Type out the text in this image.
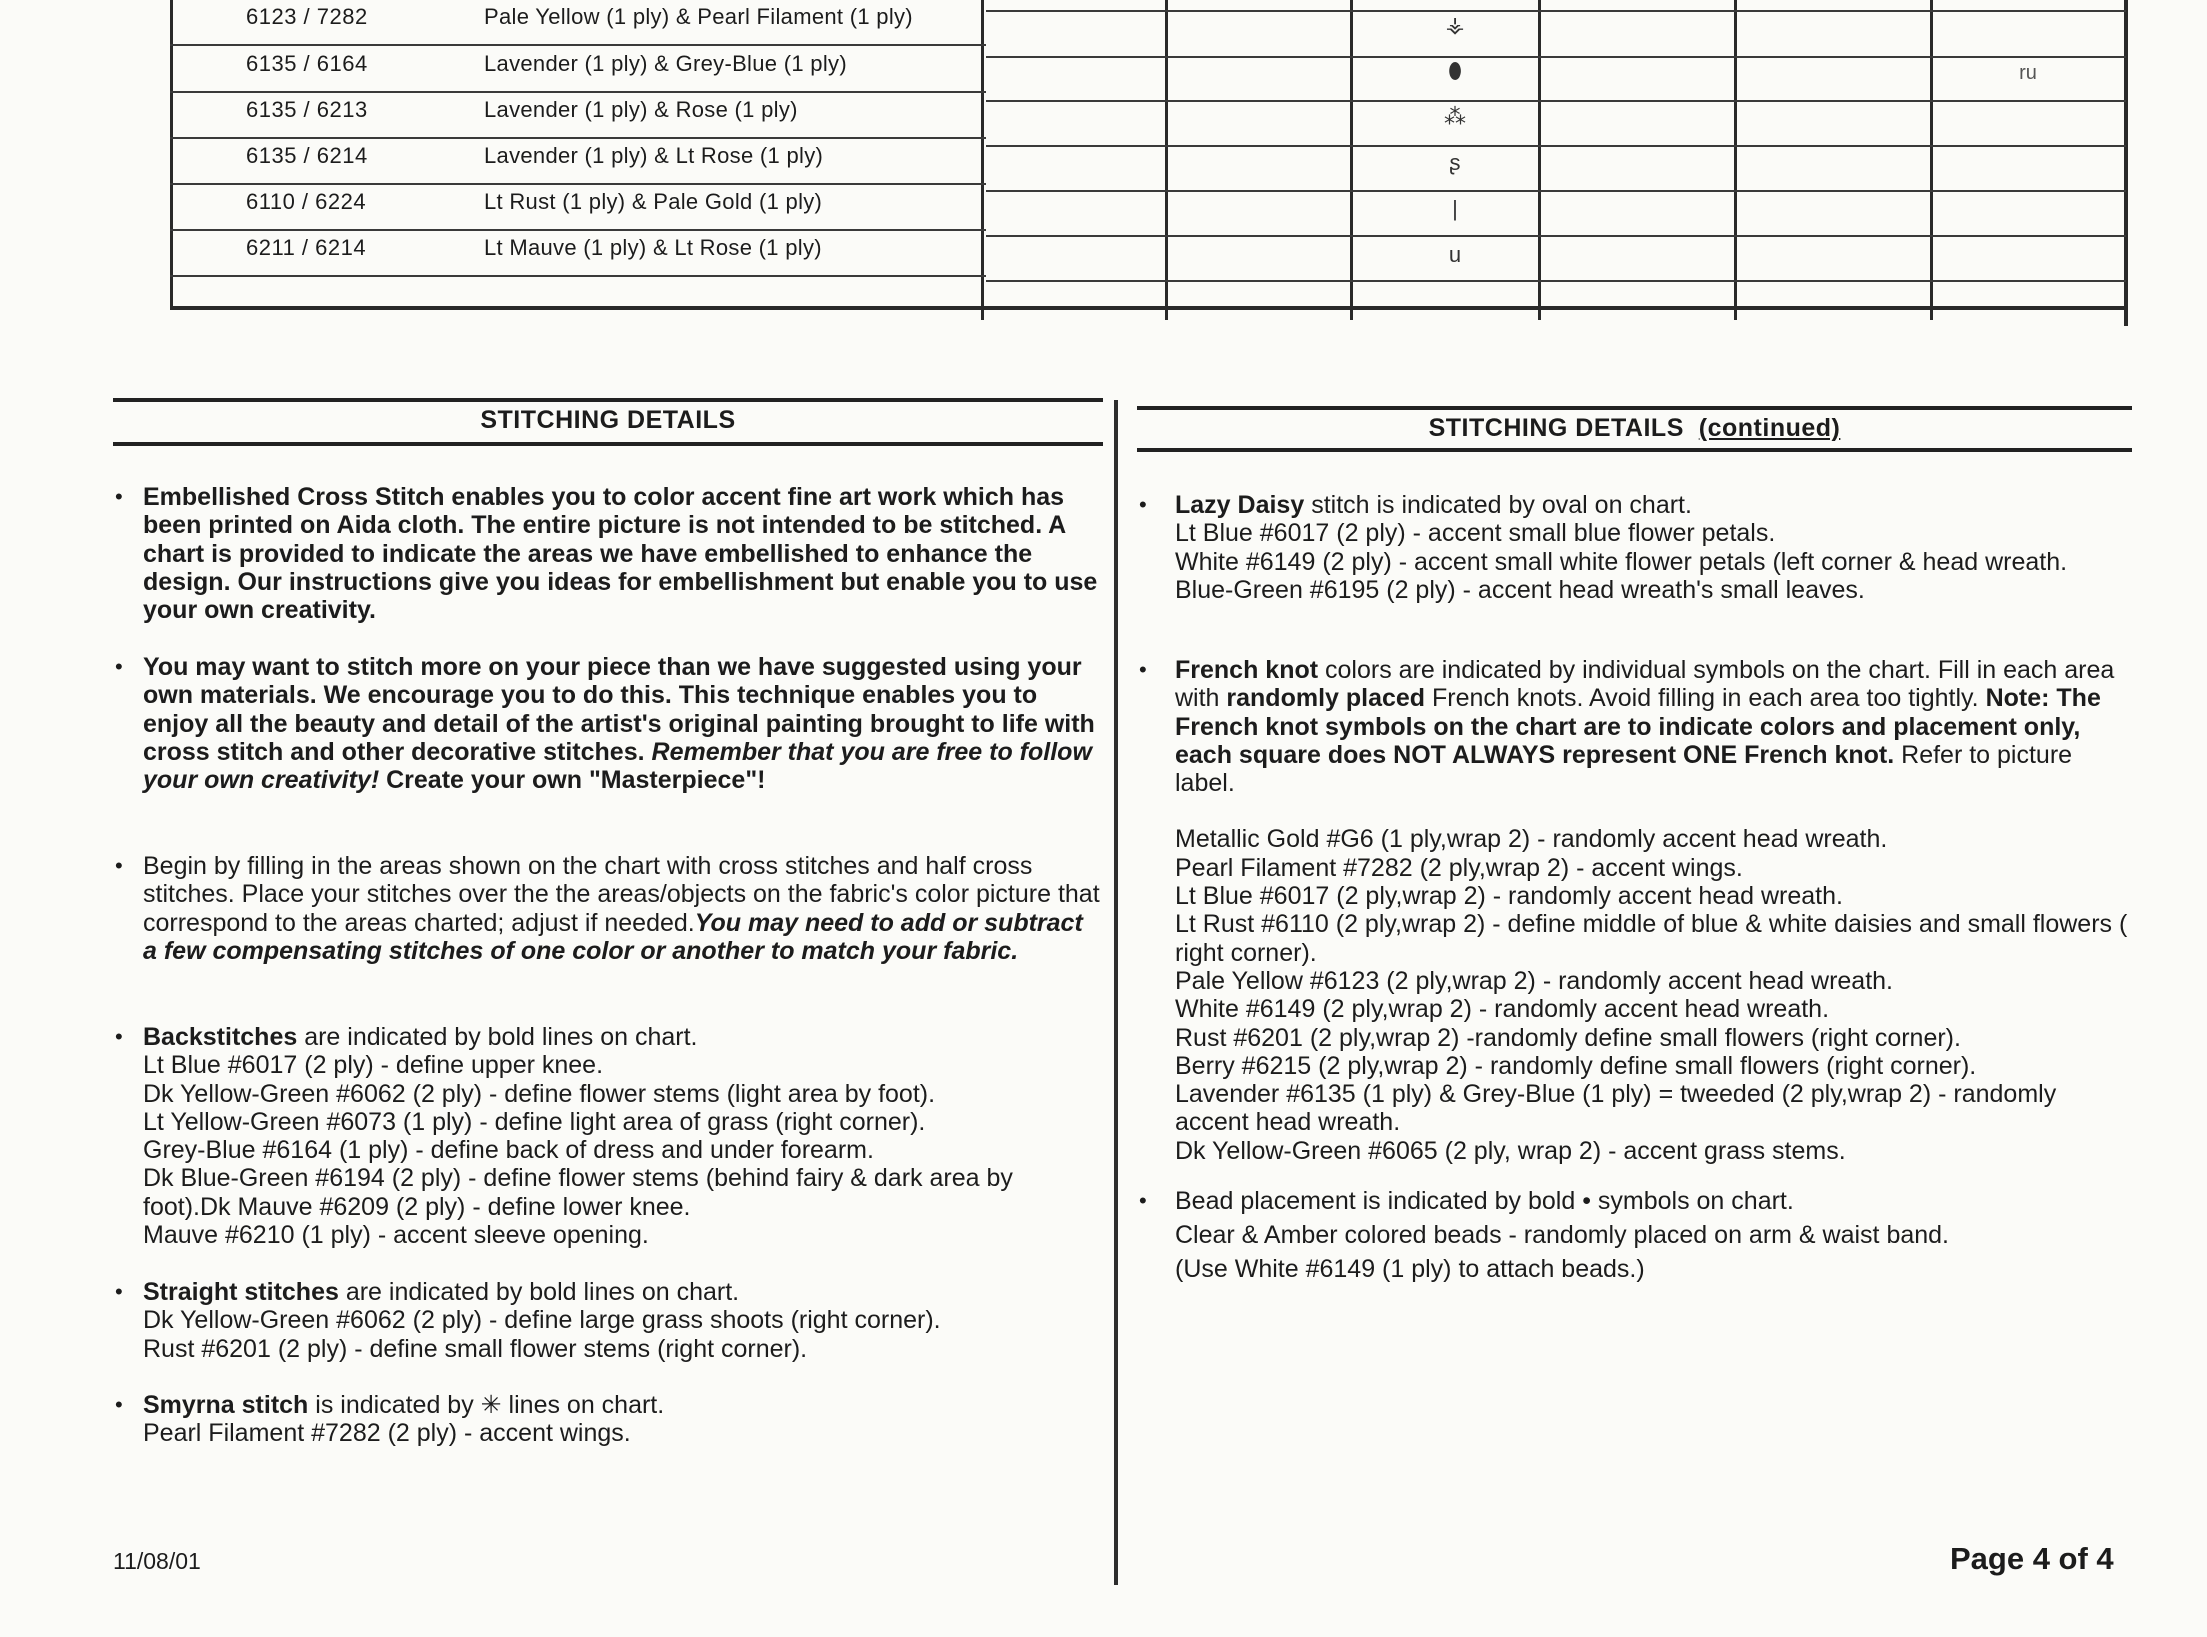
6123 / 7282	Pale Yellow (1 ply) & Pearl Filament (1 ply)
6135 / 6164	Lavender (1 ply) & Grey-Blue (1 ply)
6135 / 6213	Lavender (1 ply) & Rose (1 ply)
6135 / 6214	Lavender (1 ply) & Lt Rose (1 ply)
6110 / 6224	Lt Rust (1 ply) & Pale Gold (1 ply)
6211 / 6214	Lt Mauve (1 ply) & Lt Rose (1 ply)
⚶
⬮
⁂
ʂ
|
u
ru
STITCHING DETAILS
• Embellished Cross Stitch enables you to color accent fine art work which has been printed on Aida cloth. The entire picture is not intended to be stitched. A chart is provided to indicate the areas we have embellished to enhance the design. Our instructions give you ideas for embellishment but enable you to use your own creativity.
• You may want to stitch more on your piece than we have suggested using your own materials. We encourage you to do this. This technique enables you to enjoy all the beauty and detail of the artist's original painting brought to life with cross stitch and other decorative stitches. Remember that you are free to follow your own creativity! Create your own "Masterpiece"!
• Begin by filling in the areas shown on the chart with cross stitches and half cross stitches. Place your stitches over the the areas/objects on the fabric's color picture that correspond to the areas charted; adjust if needed.You may need to add or subtract a few compensating stitches of one color or another to match your fabric.
• Backstitches are indicated by bold lines on chart.

Lt Blue #6017 (2 ply) - define upper knee.

Dk Yellow-Green #6062 (2 ply) - define flower stems (light area by foot).

Lt Yellow-Green #6073 (1 ply) - define light area of grass (right corner).

Grey-Blue #6164 (1 ply) - define back of dress and under forearm.

Dk Blue-Green #6194 (2 ply) - define flower stems (behind fairy & dark area by foot).Dk Mauve #6209 (2 ply) - define lower knee.

Mauve #6210 (1 ply) - accent sleeve opening.

• Straight stitches are indicated by bold lines on chart.

Dk Yellow-Green #6062 (2 ply) - define large grass shoots (right corner).

Rust #6201 (2 ply) - define small flower stems (right corner).

• Smyrna stitch is indicated by ✳ lines on chart.

Pearl Filament #7282 (2 ply) - accent wings.

STITCHING DETAILS (continued)
• Lazy Daisy stitch is indicated by oval on chart.

Lt Blue #6017 (2 ply) - accent small blue flower petals.

White #6149 (2 ply) - accent small white flower petals (left corner & head wreath.

Blue-Green #6195 (2 ply) - accent head wreath's small leaves.

• French knot colors are indicated by individual symbols on the chart. Fill in each area with randomly placed French knots. Avoid filling in each area too tightly. Note: The French knot symbols on the chart are to indicate colors and placement only, each square does NOT ALWAYS represent ONE French knot. Refer to picture label.

Metallic Gold #G6 (1 ply,wrap 2) - randomly accent head wreath.

Pearl Filament #7282 (2 ply,wrap 2) - accent wings.

Lt Blue #6017 (2 ply,wrap 2) - randomly accent head wreath.

Lt Rust #6110 (2 ply,wrap 2) - define middle of blue & white daisies and small flowers ( right corner).

Pale Yellow #6123 (2 ply,wrap 2) - randomly accent head wreath.

White #6149 (2 ply,wrap 2) - randomly accent head wreath.

Rust #6201 (2 ply,wrap 2) -randomly define small flowers (right corner).

Berry #6215 (2 ply,wrap 2) - randomly define small flowers (right corner).

Lavender #6135 (1 ply) & Grey-Blue (1 ply) = tweeded (2 ply,wrap 2) - randomly accent head wreath.

Dk Yellow-Green #6065 (2 ply, wrap 2) - accent grass stems.

• Bead placement is indicated by bold • symbols on chart.

Clear & Amber colored beads - randomly placed on arm & waist band.

(Use White #6149 (1 ply) to attach beads.)

11/08/01	Page 4 of 4
